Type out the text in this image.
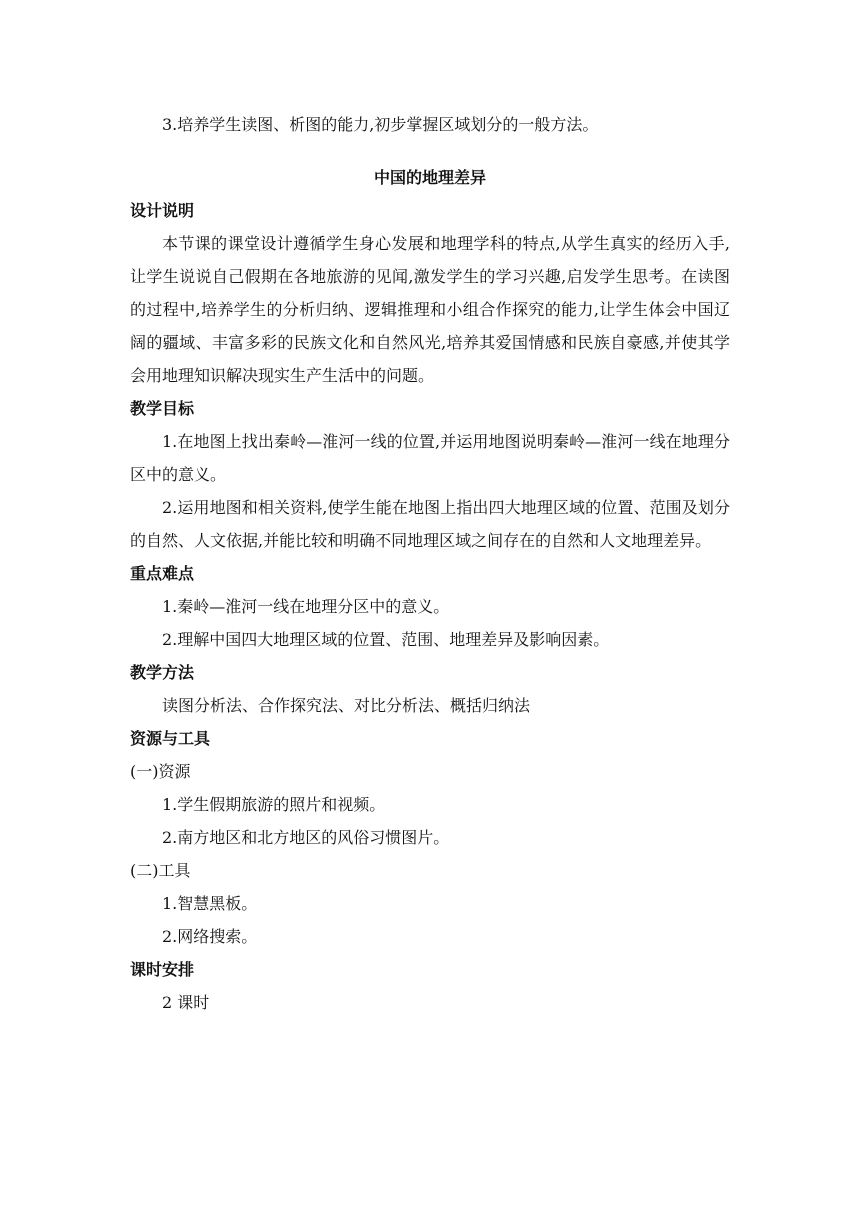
3.培养学生读图、析图的能力,初步掌握区域划分的一般方法。

中国的地理差异

设计说明

本节课的课堂设计遵循学生身心发展和地理学科的特点,从学生真实的经历入手,让学生说说自己假期在各地旅游的见闻,激发学生的学习兴趣,启发学生思考。在读图的过程中,培养学生的分析归纳、逻辑推理和小组合作探究的能力,让学生体会中国辽阔的疆域、丰富多彩的民族文化和自然风光,培养其爱国情感和民族自豪感,并使其学会用地理知识解决现实生产生活中的问题。

教学目标

1.在地图上找出秦岭—淮河一线的位置,并运用地图说明秦岭—淮河一线在地理分区中的意义。

2.运用地图和相关资料,使学生能在地图上指出四大地理区域的位置、范围及划分的自然、人文依据,并能比较和明确不同地理区域之间存在的自然和人文地理差异。

重点难点

1.秦岭—淮河一线在地理分区中的意义。

2.理解中国四大地理区域的位置、范围、地理差异及影响因素。

教学方法

读图分析法、合作探究法、对比分析法、概括归纳法

资源与工具

(一)资源

1.学生假期旅游的照片和视频。

2.南方地区和北方地区的风俗习惯图片。

(二)工具

1.智慧黑板。

2.网络搜索。

课时安排

2 课时
